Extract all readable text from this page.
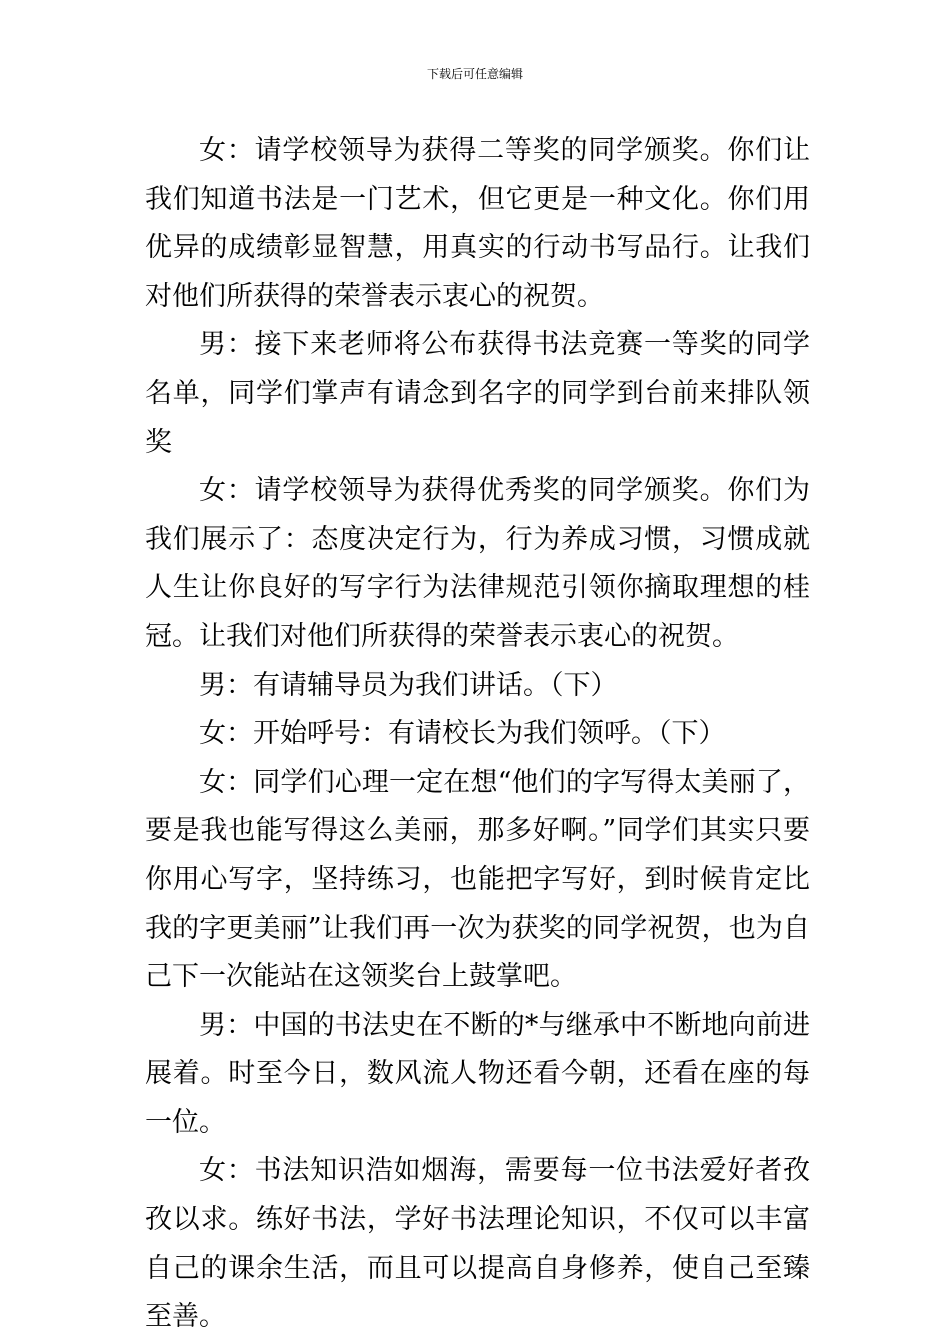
下载后可任意编辑

女：请学校领导为获得二等奖的同学颁奖。你们让我们知道书法是一门艺术，但它更是一种文化。你们用优异的成绩彰显智慧，用真实的行动书写品行。让我们对他们所获得的荣誉表示衷心的祝贺。

男：接下来老师将公布获得书法竞赛一等奖的同学名单，同学们掌声有请念到名字的同学到台前来排队领奖

女：请学校领导为获得优秀奖的同学颁奖。你们为我们展示了：态度决定行为，行为养成习惯，习惯成就人生让你良好的写字行为法律规范引领你摘取理想的桂冠。让我们对他们所获得的荣誉表示衷心的祝贺。

男：有请辅导员为我们讲话。（下）

女：开始呼号：有请校长为我们领呼。（下）

女：同学们心理一定在想“他们的字写得太美丽了，要是我也能写得这么美丽，那多好啊。”同学们其实只要你用心写字，坚持练习，也能把字写好，到时候肯定比我的字更美丽”让我们再一次为获奖的同学祝贺，也为自己下一次能站在这领奖台上鼓掌吧。

男：中国的书法史在不断的*与继承中不断地向前进展着。时至今日，数风流人物还看今朝，还看在座的每一位。

女：书法知识浩如烟海，需要每一位书法爱好者孜孜以求。练好书法，学好书法理论知识，不仅可以丰富自己的课余生活，而且可以提高自身修养，使自己至臻至善。
